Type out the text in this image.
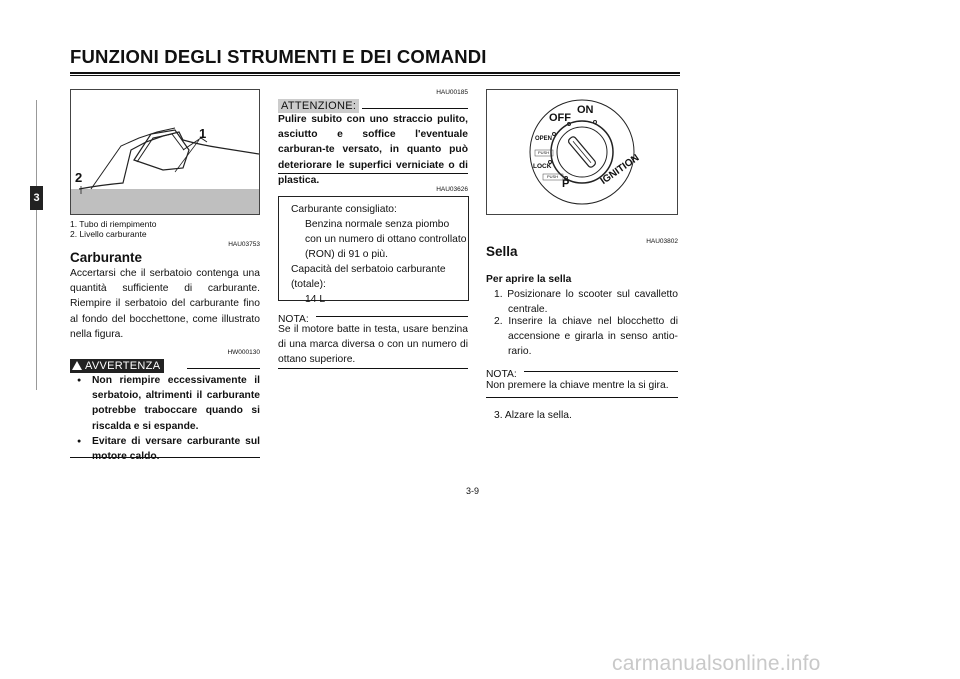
FUNZIONI DEGLI STRUMENTI E DEI COMANDI
3
1
2
1. Tubo di riempimento
2. Livello carburante
HAU03753
Carburante
Accertarsi che il serbatoio contenga una quantità sufficiente di carburante. Riempire il serbatoio del carburante fino al fondo del bocchettone, come illustrato nella figura.
HW000130
AVVERTENZA
● Non riempire eccessivamente il serbatoio, altrimenti il carburante potrebbe traboccare quando si riscalda e si espande.
● Evitare di versare carburante sul
HAU00185
ATTENZIONE:
Pulire subito con uno straccio pulito, asciutto e soffice l'eventuale carburan-te versato, in quanto può deteriorare le superfici verniciate o di plastica.
HAU03626
Carburante consigliato:
Benzina normale senza piombo
con un numero di ottano controllato
(RON) di 91 o più.
Capacità del serbatoio carburante
(totale):
14 L
NOTA:
Se il motore batte in testa, usare benzina di una marca diversa o con un numero di ottano superiore.
ON
OFF
OPEN
LOCK
P	IGNITION
PUSH
PUSH
HAU03802
Sella
Per aprire la sella
1. Posizionare lo scooter sul cavalletto centrale.
2. Inserire la chiave nel blocchetto di accensione e girarla in senso antio-rario.
NOTA:
Non premere la chiave mentre la si gira.
3. Alzare la sella.
3-9
carmanualsonline.info
